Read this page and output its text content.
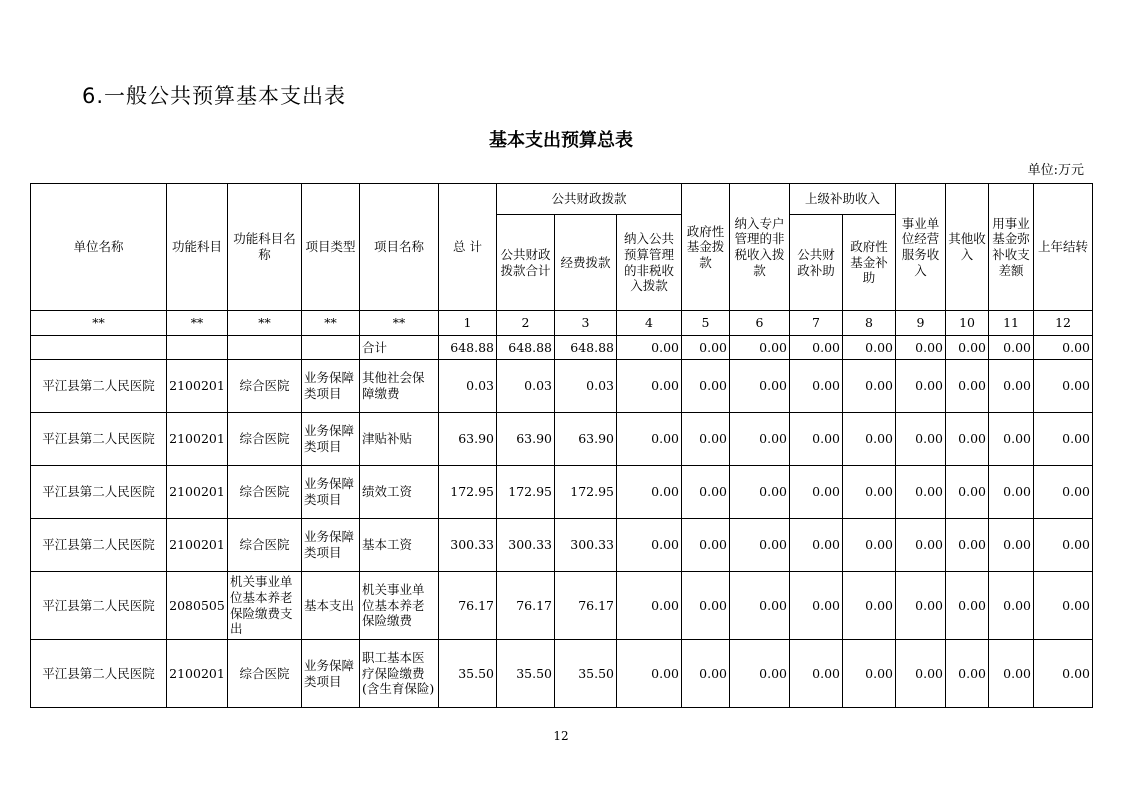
6.一般公共预算基本支出表
基本支出预算总表
单位:万元
单位名称	功能科目	功能科目名称	项目类型	项目名称	总 计	公共财政拨款			政府性基金拨款	纳入专户管理的非税收入拨款	上级补助收入		事业单位经营服务收入	其他收入	用事业基金弥补收支差额	上年结转
						公共财政拨款合计	经费拨款	纳入公共预算管理的非税收入拨款			公共财政补助	政府性基金补助				
**	**	**	**	**	1	2	3	4	5	6	7	8	9	10	11	12
				合计	648.88	648.88	648.88	0.00	0.00	0.00	0.00	0.00	0.00	0.00	0.00	0.00
平江县第二人民医院	2100201	综合医院	业务保障类项目	其他社会保障缴费	0.03	0.03	0.03	0.00	0.00	0.00	0.00	0.00	0.00	0.00	0.00	0.00
平江县第二人民医院	2100201	综合医院	业务保障类项目	津贴补贴	63.90	63.90	63.90	0.00	0.00	0.00	0.00	0.00	0.00	0.00	0.00	0.00
平江县第二人民医院	2100201	综合医院	业务保障类项目	绩效工资	172.95	172.95	172.95	0.00	0.00	0.00	0.00	0.00	0.00	0.00	0.00	0.00
平江县第二人民医院	2100201	综合医院	业务保障类项目	基本工资	300.33	300.33	300.33	0.00	0.00	0.00	0.00	0.00	0.00	0.00	0.00	0.00
平江县第二人民医院	2080505	机关事业单位基本养老保险缴费支出	基本支出	机关事业单位基本养老保险缴费	76.17	76.17	76.17	0.00	0.00	0.00	0.00	0.00	0.00	0.00	0.00	0.00
平江县第二人民医院	2100201	综合医院	业务保障类项目	职工基本医疗保险缴费(含生育保险)	35.50	35.50	35.50	0.00	0.00	0.00	0.00	0.00	0.00	0.00	0.00	0.00
12
